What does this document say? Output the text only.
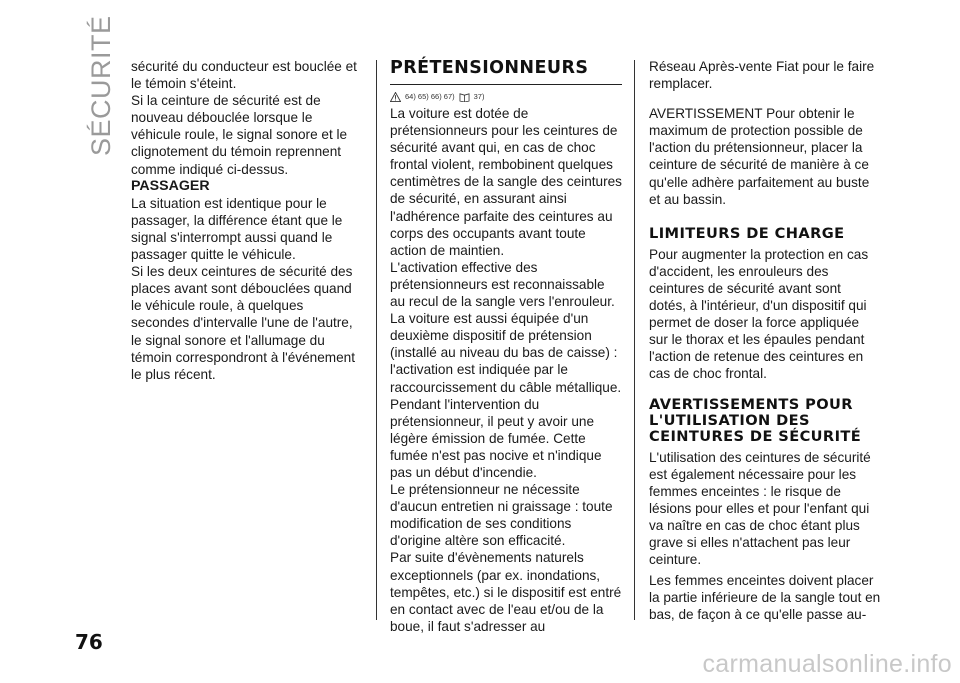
SÉCURITÉ sécurité du conducteur est bouclée et le témoin s'éteint.

Si la ceinture de sécurité est de nouveau débouclée lorsque le véhicule roule, le signal sonore et le clignotement du témoin reprennent comme indiqué ci-dessus.

PASSAGER

La situation est identique pour le passager, la différence étant que le signal s'interrompt aussi quand le passager quitte le véhicule.

Si les deux ceintures de sécurité des places avant sont débouclées quand le véhicule roule, à quelques secondes d'intervalle l'une de l'autre, le signal sonore et l'allumage du témoin correspondront à l'événement le plus récent.

PRÉTENSIONNEURS
64) 65) 66) 67)	37)

La voiture est dotée de prétensionneurs pour les ceintures de sécurité avant qui, en cas de choc frontal violent, rembobinent quelques centimètres de la sangle des ceintures de sécurité, en assurant ainsi l'adhérence parfaite des ceintures au corps des occupants avant toute action de maintien.

L'activation effective des prétensionneurs est reconnaissable au recul de la sangle vers l'enrouleur.

La voiture est aussi équipée d'un deuxième dispositif de prétension (installé au niveau du bas de caisse) : l'activation est indiquée par le raccourcissement du câble métallique.

Pendant l'intervention du prétensionneur, il peut y avoir une légère émission de fumée. Cette fumée n'est pas nocive et n'indique pas un début d'incendie.

Le prétensionneur ne nécessite d'aucun entretien ni graissage : toute modification de ses conditions d'origine altère son efficacité.

Par suite d'évènements naturels exceptionnels (par ex. inondations, tempêtes, etc.) si le dispositif est entré en contact avec de l'eau et/ou de la boue, il faut s'adresser au

Réseau Après-vente Fiat pour le faire remplacer.

AVERTISSEMENT Pour obtenir le maximum de protection possible de l'action du prétensionneur, placer la ceinture de sécurité de manière à ce qu'elle adhère parfaitement au buste et au bassin.

LIMITEURS DE CHARGE

Pour augmenter la protection en cas d'accident, les enrouleurs des ceintures de sécurité avant sont dotés, à l'intérieur, d'un dispositif qui permet de doser la force appliquée sur le thorax et les épaules pendant l'action de retenue des ceintures en cas de choc frontal.

AVERTISSEMENTS POUR L'UTILISATION DES CEINTURES DE SÉCURITÉ

L'utilisation des ceintures de sécurité est également nécessaire pour les femmes enceintes : le risque de lésions pour elles et pour l'enfant qui va naître en cas de choc étant plus grave si elles n'attachent pas leur ceinture.

Les femmes enceintes doivent placer la partie inférieure de la sangle tout en bas, de façon à ce qu'elle passe au-

76
carmanualsonline.info
